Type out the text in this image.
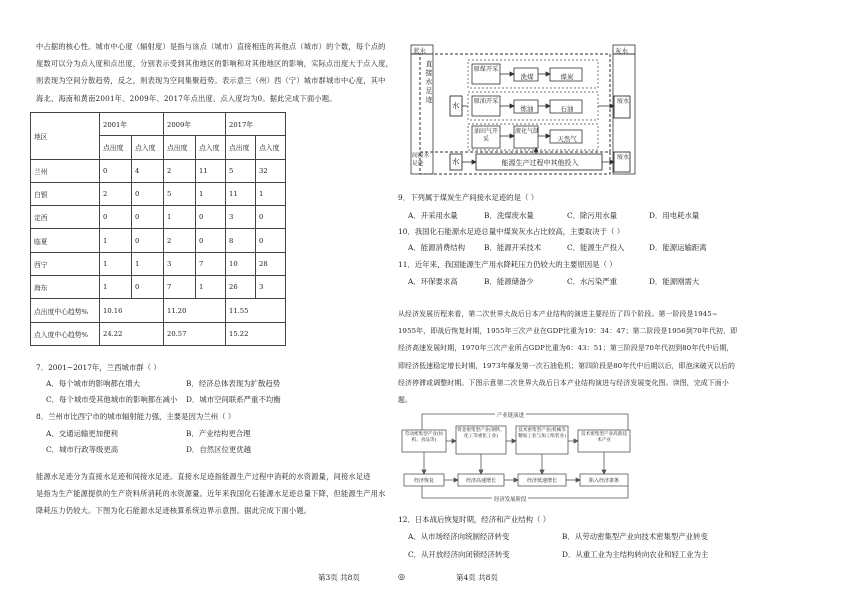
中占据的核心性。城市中心度（辐射度）是指与该点（城市）直接相连的其他点（城市）的个数，每个点的
度数可以分为点入度和点出度，分别表示受到其他地区的影响和对其他地区的影响，实际点出度大于点入度，
则表现为空间分散趋势，反之，则表现为空间集聚趋势。表示意兰（州）西（宁）城市群城市中心度，其中
海北、海南和黄南2001年、2009年、2017年点出度、点入度均为0。据此完成下面小题。
地区	2001年		2009年		2017年	
	点出度	点入度	点出度	点入度	点出度	点入度
兰州	0	4	2	11	5	32
白银	2	0	5	1	11	1
定西	0	0	1	0	3	0
临夏	1	0	2	0	8	0
西宁	1	1	3	7	10	28
海东	1	0	7	1	26	3
点出度中心趋势%	10.16		11.20		11.55	
点入度中心趋势%	24.22		20.57		15.22	
7．2001~2017年，兰西城市群（ ）
A．每个城市的影响都在增大	B．经济总体表现为扩散趋势
C．每个城市受其他城市的影响都在减小 D．城市空间联系严重不均衡
8．兰州市比西宁市的城市辐射能力强，主要是因为兰州（ ）
A．交通运输更加便利	B．产业结构更合理
C．城市行政等级更高	D．自然区位更优越
能源水足迹分为直接水足迹和间接水足迹。直接水足迹指能源生产过程中消耗的水资源量，间接水足迹
是指为生产能源提供的生产资料所消耗的水资源量。近年来我国化石能源水足迹总量下降，但能源生产用水
降耗压力仍较大。下图为化石能源水足迹核算系统边界示意图。据此完成下面小题。
第3页 共8页	◎
蓝水	灰水
直接水足迹
间接水足迹
水	废水
水	废水
原煤开采
洗煤	煤炭
原油开采
炼油	石油
油田气开采
液化气制
天然气
能源生产过程中其他投入
9．下列属于煤炭生产间接水足迹的是（ ）
A．开采用水量	B．洗煤废水量	C．除污用水量	D．用电耗水量
10．我国化石能源水足迹总量中煤炭灰水占比较高，主要取决于（ ）
A．能源消费结构	B．能源开采技术	C．能源生产投入	D．能源运输距离
11．近年来，我国能源生产用水降耗压力仍较大的主要原因是（ ）
A．环保要求高	B．能源储备少	C．水污染严重	D．能源刚需大
从经济发展历程来看，第二次世界大战后日本产业结构的演进主要经历了四个阶段。第一阶段是1945~
1955年，即战后恢复时期，1955年三次产业在GDP比重为19：34：47；第二阶段是1956到70年代初，即
经济高速发展时期，1970年三次产业所占GDP比重为6：43：51；第三阶段是70年代初到80年代中后期，
即经济低速稳定增长时期，1973年爆发第一次石油危机；第四阶段是80年代中后期以后，即泡沫破灭以后的
经济停滞或调整时期。下图示意第二次世界大战后日本产业结构演进与经济发展变化图。读图，完成下面小
题。
产业链演进
经济发展阶段
劳动密集型产业(纺织、食品等)
资金密集型产业(钢铁、化工等重化工业)
技术密集型产业(机械等精加工业与加工组装业)	技术密集型产业高新技术产业
经济恢复	经济高速增长	经济低速增长	陷入经济萧条
12．日本战后恢复时期，经济和产业结构（ ）
A．从市场经济向统制经济转变	B．从劳动密集型产业向技术密集型产业转变
C．从开放经济向闭锁经济转变	D．从重工业为主结构转向农业和轻工业为主
第4页 共8页
